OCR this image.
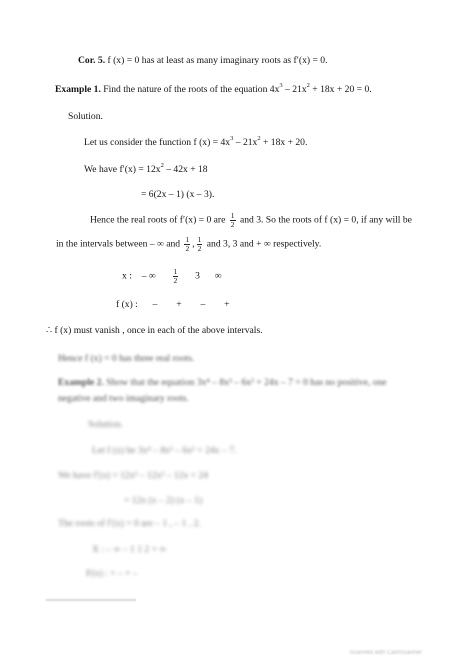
Cor. 5. f (x) = 0 has at least as many imaginary roots as f′(x) = 0.
Example 1. Find the nature of the roots of the equation $4x^3 - 21x^2 + 18x + 20 = 0$.
Solution.
Let us consider the function f $(x) = 4x^3 - 21x^2 + 18x + 20$.
We have $f'(x) = 12x^2 - 42x + 18$
= 6(2x – 1) (x – 3).
Hence the real roots of f′(x) = 0 are $\frac{1}{2}$ and 3. So the roots of f (x) = 0, if any will be
in the intervals between – ∞ and $\frac{1}{2}$ , $\frac{1}{2}$ and 3, 3 and + ∞ respectively.
x : – ∞ $\frac{1}{2} 3$ ∞
f (x) : – + – +
∴ f (x) must vanish , once in each of the above intervals.
Hence f (x) = 0 has three real roots.
Example 2. Show that the equation 3x⁴ – 8x³ – 6x² + 24x – 7 = 0 has no positive, one
negative and two imaginary roots.
Solution.
Let f (x) be 3x⁴ – 8x³ – 6x² + 24x – 7.
We have f′(x) = 12x³ – 12x² – 12x + 24
= 12x (x – 2) (x – 1)
The roots of f′(x) = 0 are – 1 , – 1 , 2.
X : – ∞ – 1 1 2 + ∞
F(x) : + – + –
Scanned with CamScanner
